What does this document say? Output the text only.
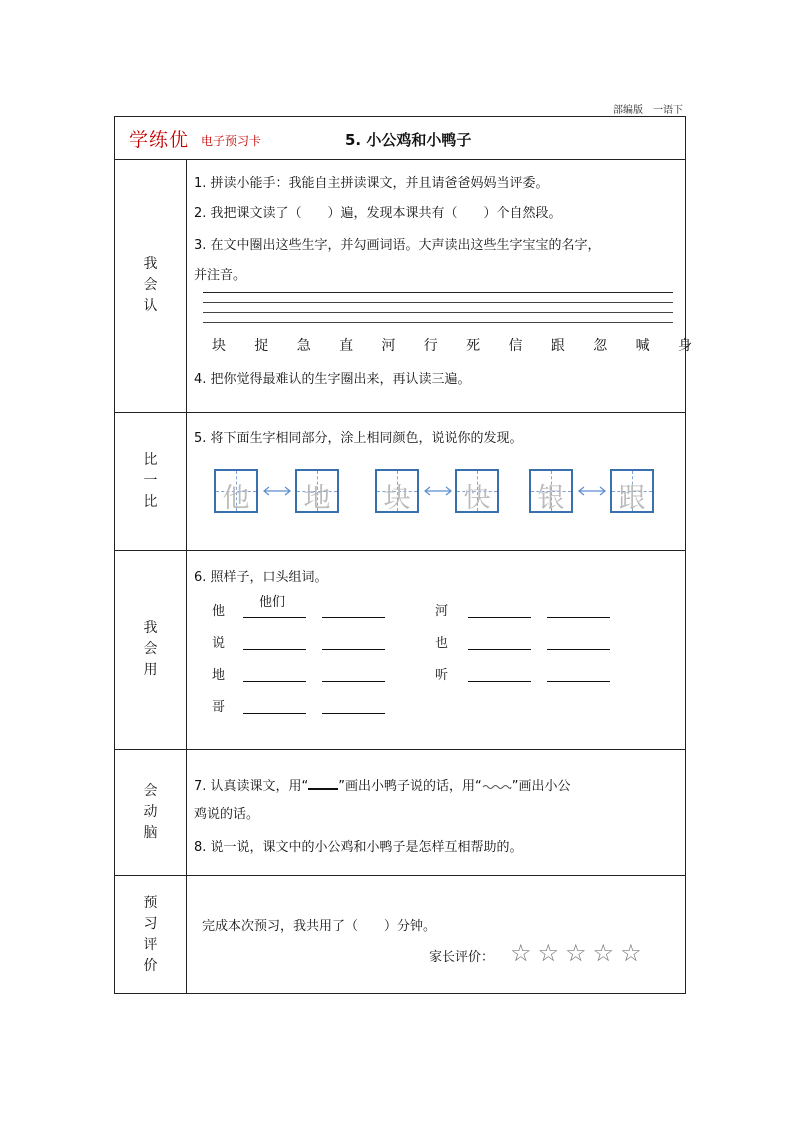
部编版　一语下
学练优 电子预习卡	5. 小公鸡和小鸭子
我
会
认
1. 拼读小能手：我能自主拼读课文，并且请爸爸妈妈当评委。
2. 我把课文读了（　　）遍，发现本课共有（　　）个自然段。
3. 在文中圈出这些生字，并勾画词语。大声读出这些生字宝宝的名字，
并注音。
块 捉 急 直 河 行 死 信 跟 忽 喊 身
4. 把你觉得最难认的生字圈出来，再认读三遍。
比
一
比
5. 将下面生字相同部分，涂上相同颜色，说说你的发现。
他 地 块 快 银 跟
我
会
用
6. 照样子，口头组词。
他们
他
说
地
哥
河
也
听
会
动
脑
7. 认真读课文，用“ ”画出小鸭子说的话，用“ ”画出小公
鸡说的话。
8. 说一说，课文中的小公鸡和小鸭子是怎样互相帮助的。
预
习
评
价
完成本次预习，我共用了（　　）分钟。
家长评价： ☆ ☆ ☆ ☆ ☆
